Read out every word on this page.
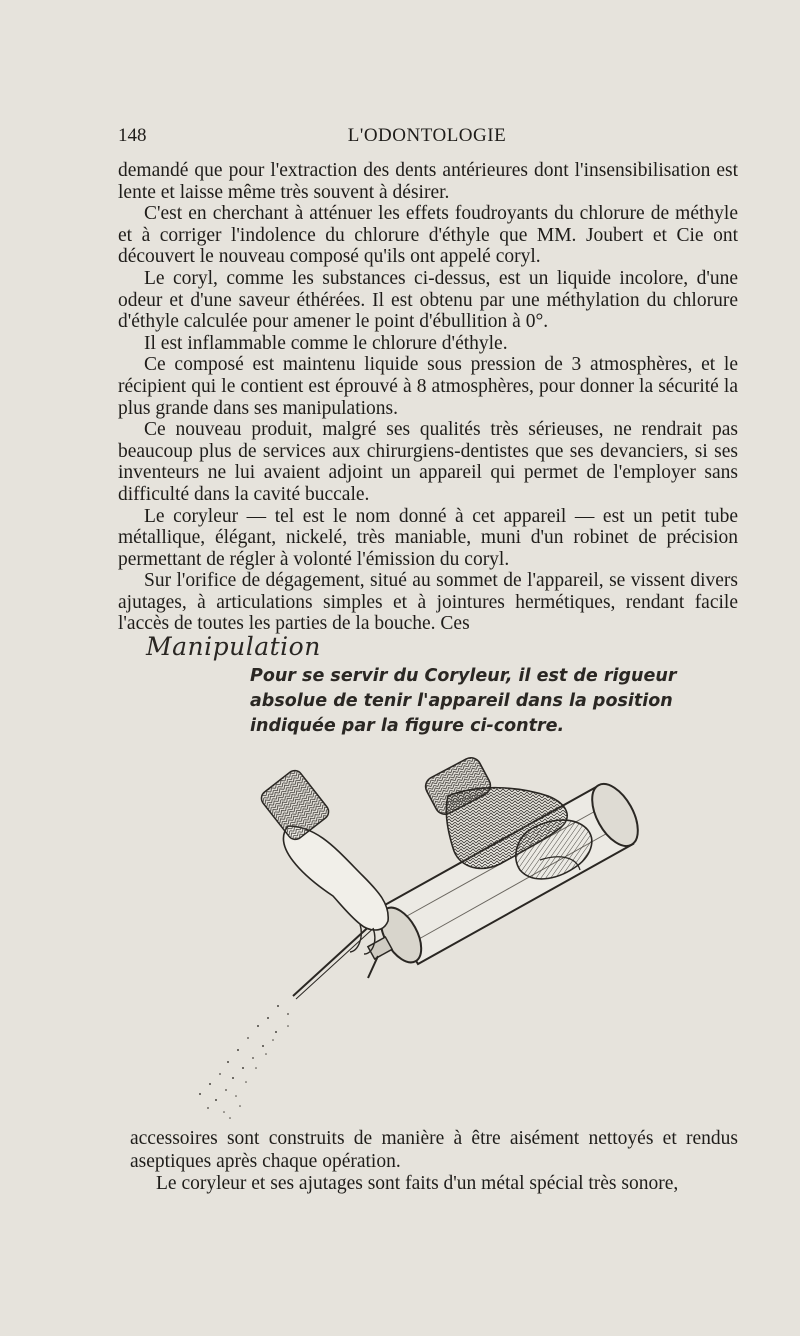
148	L'ODONTOLOGIE

demandé que pour l'extraction des dents antérieures dont l'insensibilisation est lente et laisse même très souvent à désirer.

C'est en cherchant à atténuer les effets foudroyants du chlorure de méthyle et à corriger l'indolence du chlorure d'éthyle que MM. Joubert et Cie ont découvert le nouveau composé qu'ils ont appelé coryl.

Le coryl, comme les substances ci-dessus, est un liquide incolore, d'une odeur et d'une saveur éthérées. Il est obtenu par une méthylation du chlorure d'éthyle calculée pour amener le point d'ébullition à 0°.

Il est inflammable comme le chlorure d'éthyle.

Ce composé est maintenu liquide sous pression de 3 atmosphères, et le récipient qui le contient est éprouvé à 8 atmosphères, pour donner la sécurité la plus grande dans ses manipulations.

Ce nouveau produit, malgré ses qualités très sérieuses, ne rendrait pas beaucoup plus de services aux chirurgiens-dentistes que ses devanciers, si ses inventeurs ne lui avaient adjoint un appareil qui permet de l'employer sans difficulté dans la cavité buccale.

Le coryleur — tel est le nom donné à cet appareil — est un petit tube métallique, élégant, nickelé, très maniable, muni d'un robinet de précision permettant de régler à volonté l'émission du coryl.

Sur l'orifice de dégagement, situé au sommet de l'appareil, se vissent divers ajutages, à articulations simples et à jointures hermétiques, rendant facile l'accès de toutes les parties de la bouche. Ces

Manipulation
Pour se servir du Coryleur, il est de rigueur absolue de tenir l'appareil dans la position indiquée par la figure ci-contre.

accessoires sont construits de manière à être aisément nettoyés et rendus aseptiques après chaque opération.

Le coryleur et ses ajutages sont faits d'un métal spécial très sonore,
